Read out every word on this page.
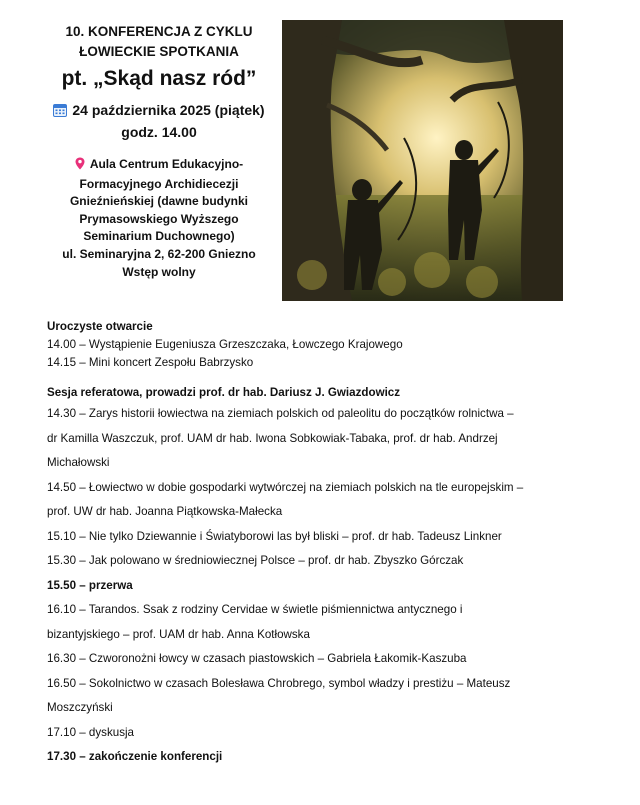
10. KONFERENCJA Z CYKLU
ŁOWIECKIE SPOTKANIA
pt. „Skąd nasz ród”
24 października 2025 (piątek)
godz. 14.00
Aula Centrum Edukacyjno-
Formacyjnego Archidiecezji
Gnieźnieńskiej (dawne budynki
Prymasowskiego Wyższego
Seminarium Duchownego)
ul. Seminaryjna 2, 62-200 Gniezno
Wstęp wolny
Uroczyste otwarcie
14.00 – Wystąpienie Eugeniusza Grzeszczaka, Łowczego Krajowego
14.15 – Mini koncert Zespołu Babrzysko
Sesja referatowa, prowadzi prof. dr hab. Dariusz J. Gwiazdowicz
14.30 – Zarys historii łowiectwa na ziemiach polskich od paleolitu do początków rolnictwa –
dr Kamilla Waszczuk, prof. UAM dr hab. Iwona Sobkowiak-Tabaka, prof. dr hab. Andrzej
Michałowski
14.50 – Łowiectwo w dobie gospodarki wytwórczej na ziemiach polskich na tle europejskim –
prof. UW dr hab. Joanna Piątkowska-Małecka
15.10 – Nie tylko Dziewannie i Światyborowi las był bliski – prof. dr hab. Tadeusz Linkner
15.30 – Jak polowano w średniowiecznej Polsce – prof. dr hab. Zbyszko Górczak
15.50 – przerwa
16.10 – Tarandos. Ssak z rodziny Cervidae w świetle piśmiennictwa antycznego i
bizantyjskiego – prof. UAM dr hab. Anna Kotłowska
16.30 – Czworonożni łowcy w czasach piastowskich – Gabriela Łakomik-Kaszuba
16.50 – Sokolnictwo w czasach Bolesława Chrobrego, symbol władzy i prestiżu – Mateusz
Moszczyński
17.10 – dyskusja
17.30 – zakończenie konferencji
